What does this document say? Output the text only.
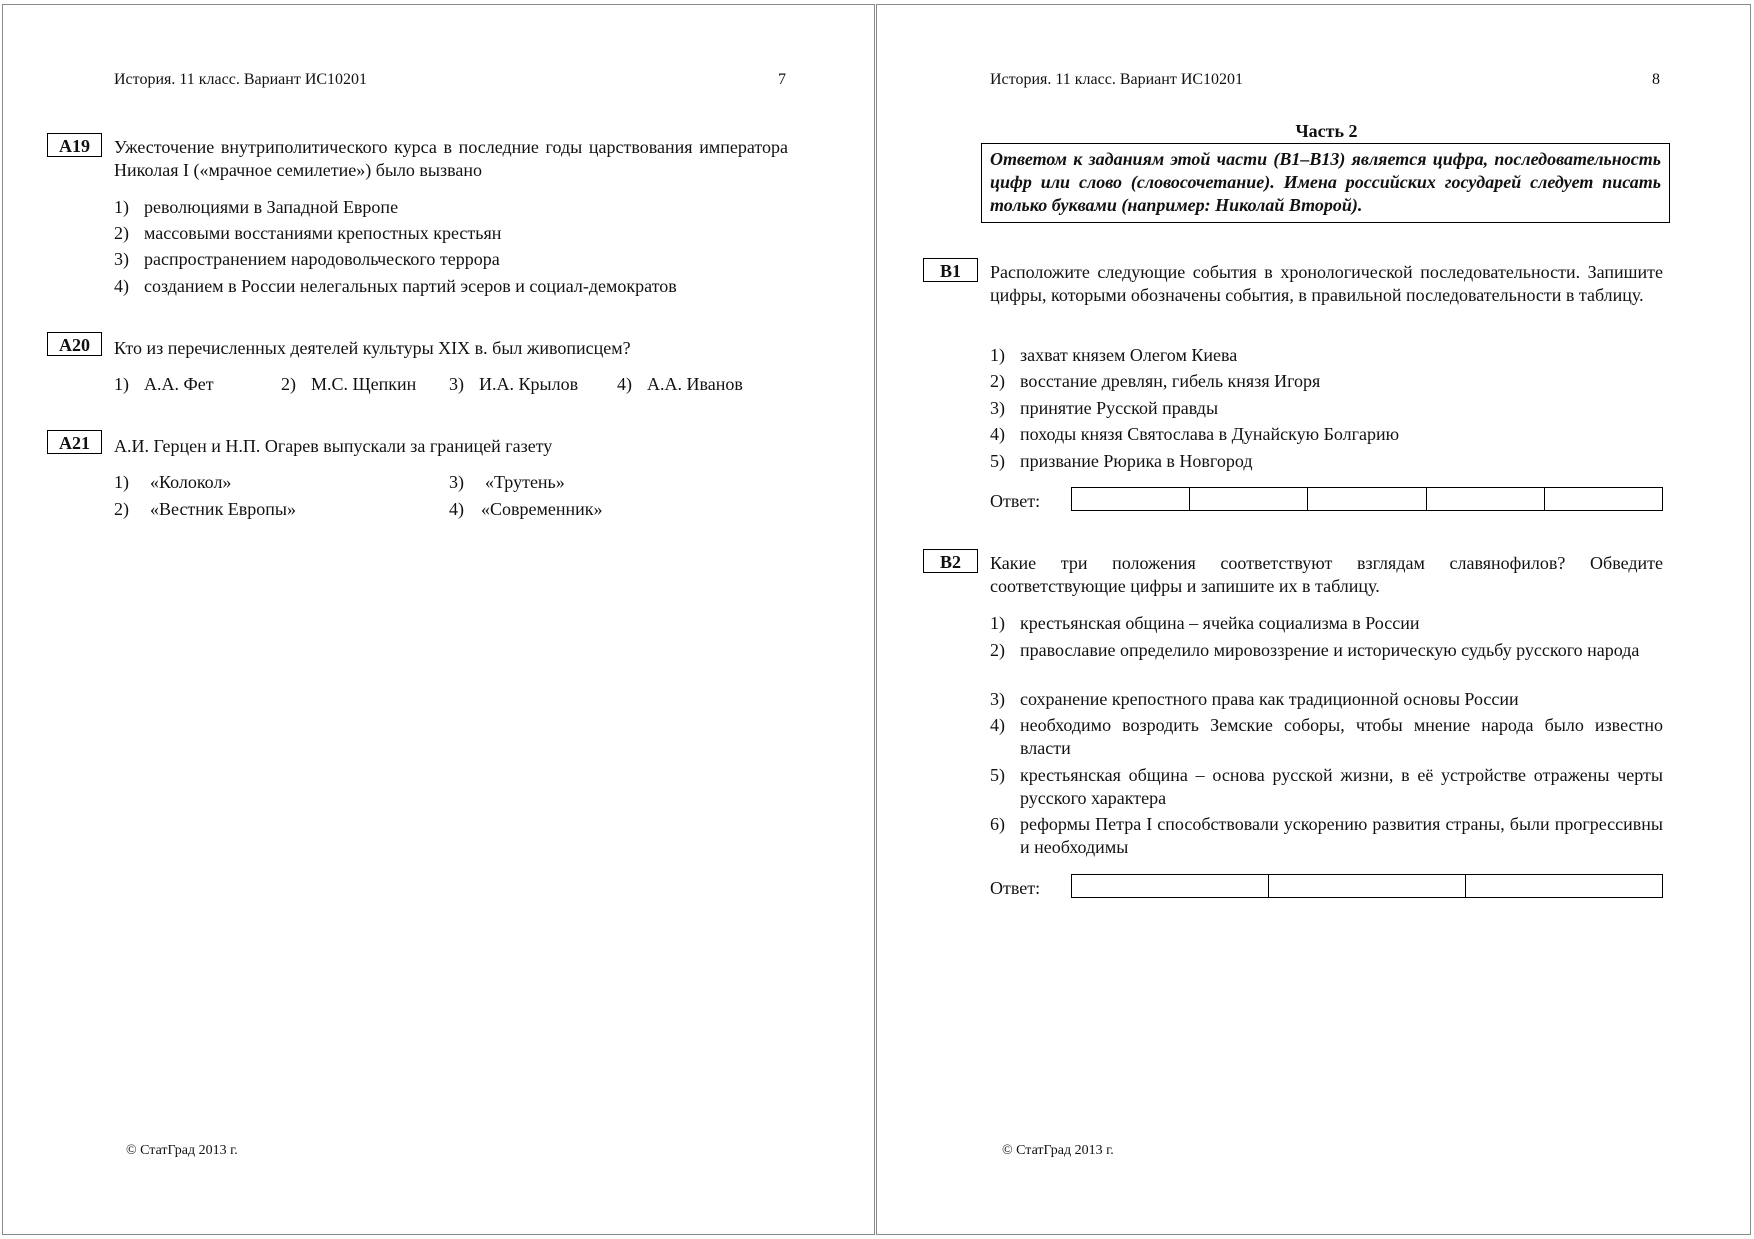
История. 11 класс. Вариант ИС10201	7
А19	Ужесточение внутриполитического курса в последние годы царствования императора Николая I («мрачное семилетие») было вызвано
1) революциями в Западной Европе
2) массовыми восстаниями крепостных крестьян
3) распространением народовольческого террора
4) созданием в России нелегальных партий эсеров и социал-демократов
А20	Кто из перечисленных деятелей культуры XIX в. был живописцем?
1) А.А. Фет	2) М.С. Щепкин 3) И.А. Крылов 4) А.А. Иванов
А21	А.И. Герцен и Н.П. Огарев выпускали за границей газету
1) «Колокол»
2) «Вестник Европы»
3) «Трутень»
4) «Современник»
© СтатГрад 2013 г.
История. 11 класс. Вариант ИС10201	8
Часть 2
Ответом к заданиям этой части (В1–В13) является цифра, последовательность цифр или слово (словосочетание). Имена российских государей следует писать только буквами (например: Николай Второй).
В1	Расположите следующие события в хронологической последовательности. Запишите цифры, которыми обозначены события, в правильной последовательности в таблицу.
1) захват князем Олегом Киева
2) восстание древлян, гибель князя Игоря
3) принятие Русской правды
4) походы князя Святослава в Дунайскую Болгарию
5) призвание Рюрика в Новгород
Ответ:

В2	Какие три положения соответствуют взглядам славянофилов? Обведите соответствующие цифры и запишите их в таблицу.
1) крестьянская община – ячейка социализма в России
2) православие определило мировоззрение и историческую судьбу русского народа
3) сохранение крепостного права как традиционной основы России
4) необходимо возродить Земские соборы, чтобы мнение народа было известно власти
5) крестьянская община – основа русской жизни, в её устройстве отражены черты русского характера
6) реформы Петра I способствовали ускорению развития страны, были прогрессивны и необходимы
Ответ:

© СтатГрад 2013 г.
